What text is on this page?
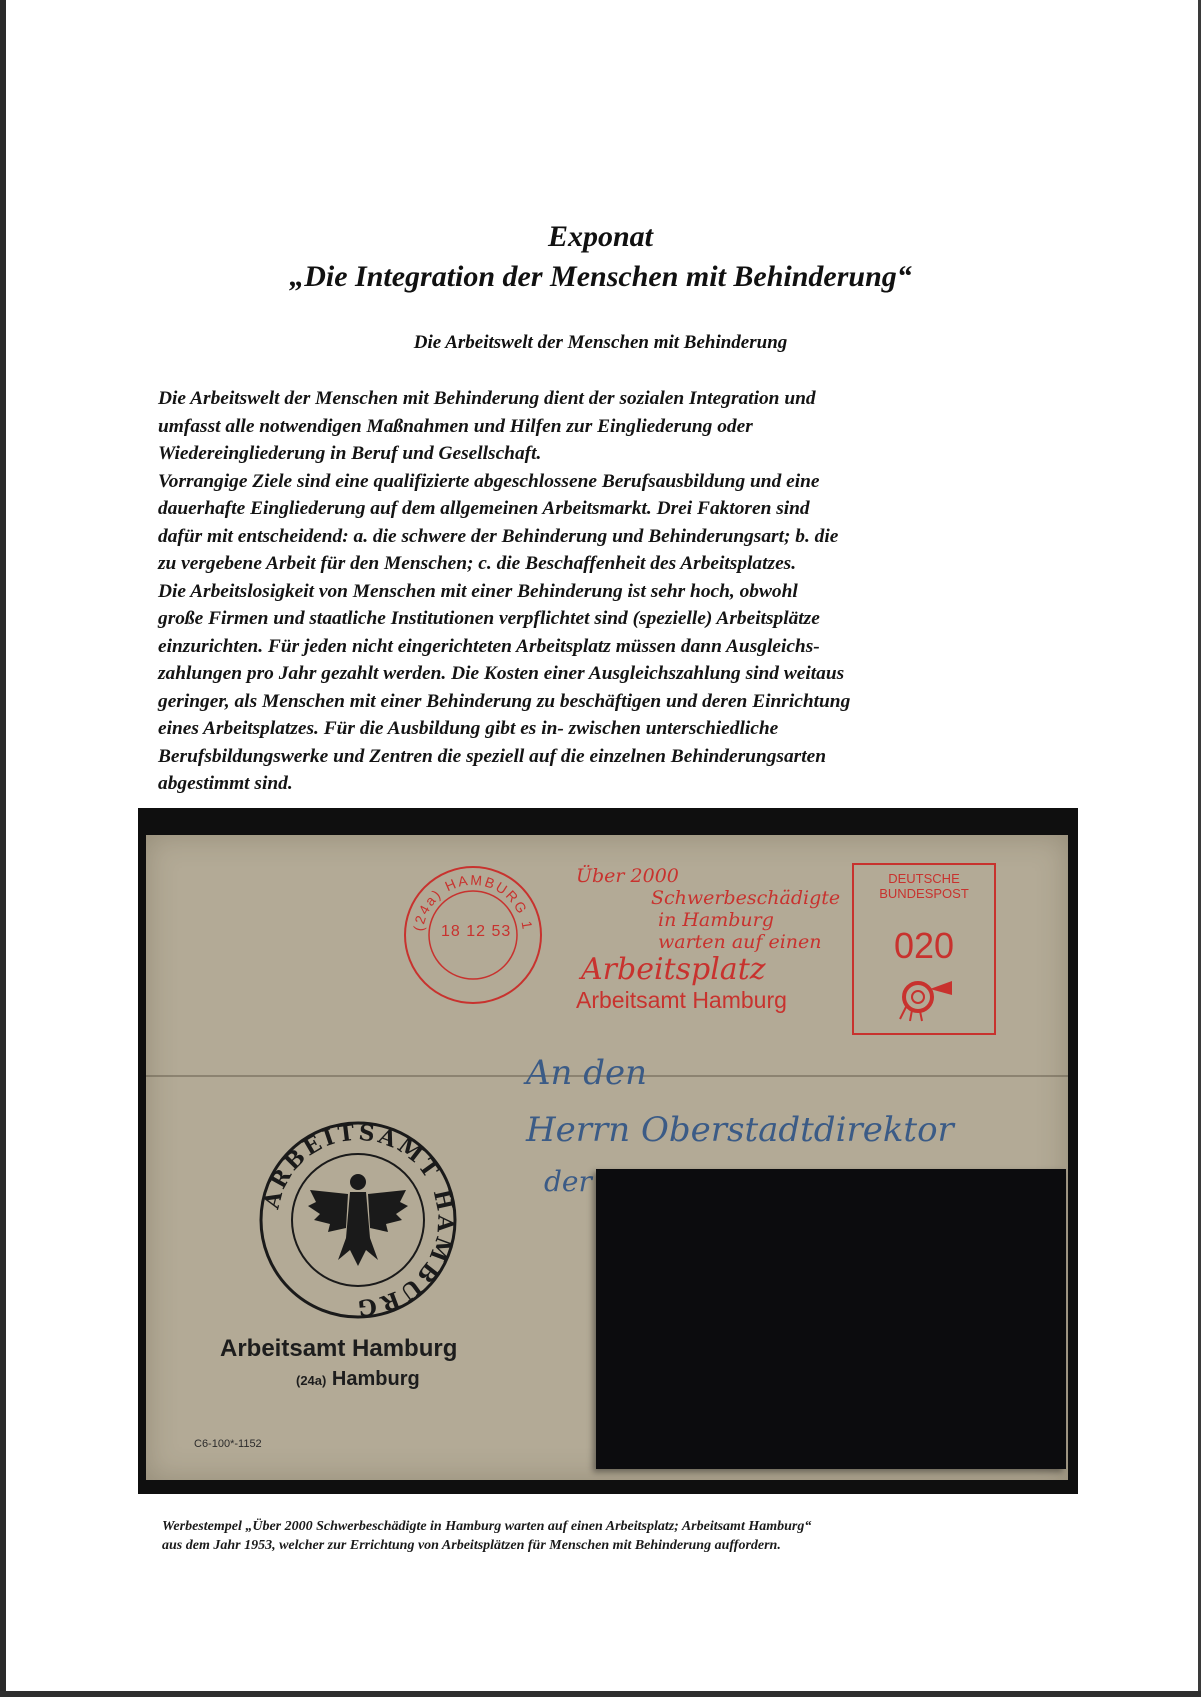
Exponat
„Die Integration der Menschen mit Behinderung“
Die Arbeitswelt der Menschen mit Behinderung

Die Arbeitswelt der Menschen mit Behinderung dient der sozialen Integration und

umfasst alle notwendigen Maßnahmen und Hilfen zur Eingliederung oder

Wiedereingliederung in Beruf und Gesellschaft.

Vorrangige Ziele sind eine qualifizierte abgeschlossene Berufsausbildung und eine

dauerhafte Eingliederung auf dem allgemeinen Arbeitsmarkt. Drei Faktoren sind

dafür mit entscheidend: a. die schwere der Behinderung und Behinderungsart; b. die

zu vergebene Arbeit für den Menschen; c. die Beschaffenheit des Arbeitsplatzes.

Die Arbeitslosigkeit von Menschen mit einer Behinderung ist sehr hoch, obwohl

große Firmen und staatliche Institutionen verpflichtet sind (spezielle) Arbeitsplätze

einzurichten. Für jeden nicht eingerichteten Arbeitsplatz müssen dann Ausgleichs-

zahlungen pro Jahr gezahlt werden. Die Kosten einer Ausgleichszahlung sind weitaus

geringer, als Menschen mit einer Behinderung zu beschäftigen und deren Einrichtung

eines Arbeitsplatzes. Für die Ausbildung gibt es in- zwischen unterschiedliche

Berufsbildungswerke und Zentren die speziell auf die einzelnen Behinderungsarten

abgestimmt sind.

(24a) HAMBURG 1
18 12 53
Über 2000
Schwerbeschädigte
in Hamburg
warten auf einen
Arbeitsplatz
Arbeitsamt Hamburg
DEUTSCHE
BUNDESPOST
020
An den
Herrn Oberstadtdirektor
der
ARBEITSAMT HAMBURG
Arbeitsamt Hamburg
(24a) Hamburg
C6-100*-1152

Werbestempel „Über 2000 Schwerbeschädigte in Hamburg warten auf einen Arbeitsplatz; Arbeitsamt Hamburg“

aus dem Jahr 1953, welcher zur Errichtung von Arbeitsplätzen für Menschen mit Behinderung auffordern.
